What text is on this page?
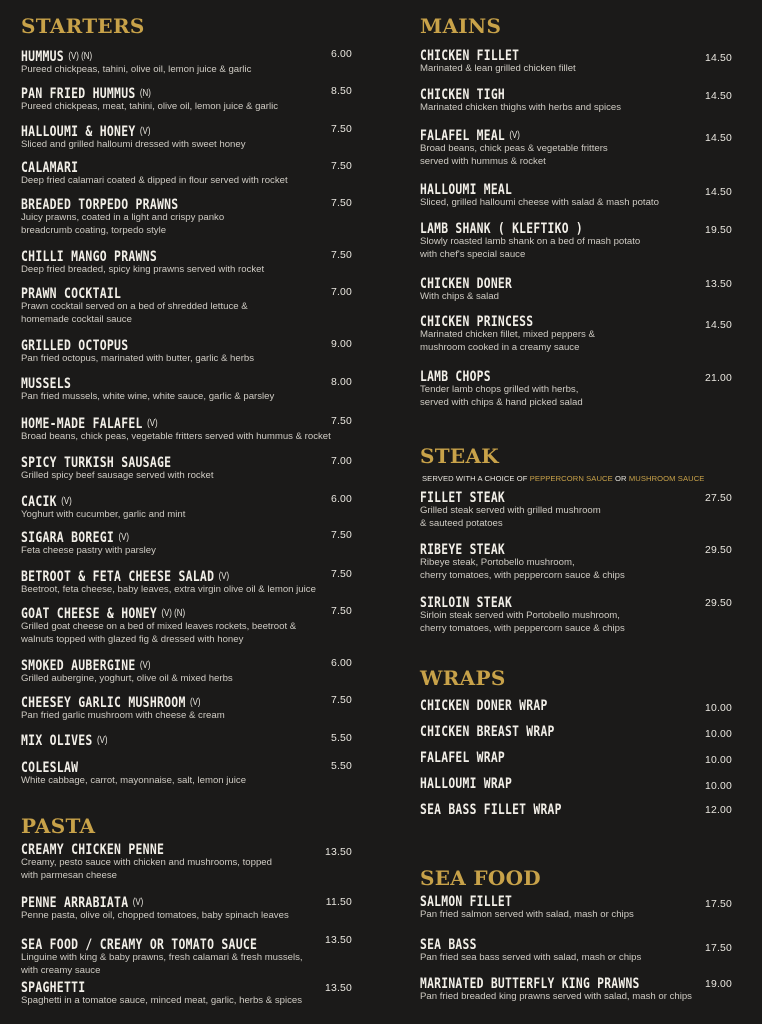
STARTERS
HUMMUS (V) (N)
Pureed chickpeas, tahini, olive oil, lemon juice & garlic
6.00
PAN FRIED HUMMUS (N)
Pureed chickpeas, meat, tahini, olive oil, lemon juice & garlic
8.50
HALLOUMI & HONEY (V)
Sliced and grilled halloumi dressed with sweet honey
7.50
CALAMARI
Deep fried calamari coated & dipped in flour served with rocket
7.50
BREADED TORPEDO PRAWNS
Juicy prawns, coated in a light and crispy panko
breadcrumb coating, torpedo style
7.50
CHILLI MANGO PRAWNS
Deep fried breaded, spicy king prawns served with rocket
7.50
PRAWN COCKTAIL
Prawn cocktail served on a bed of shredded lettuce &
homemade cocktail sauce
7.00
GRILLED OCTOPUS
Pan fried octopus, marinated with butter, garlic & herbs
9.00
MUSSELS
Pan fried mussels, white wine, white sauce, garlic & parsley
8.00
HOME-MADE FALAFEL (V)
Broad beans, chick peas, vegetable fritters served with hummus & rocket
7.50
SPICY TURKISH SAUSAGE
Grilled spicy beef sausage served with rocket
7.00
CACIK (V)
Yoghurt with cucumber, garlic and mint
6.00
SIGARA BOREGI (V)
Feta cheese pastry with parsley
7.50
BETROOT & FETA CHEESE SALAD (V)
Beetroot, feta cheese, baby leaves, extra virgin olive oil & lemon juice
7.50
GOAT CHEESE & HONEY (V) (N)
Grilled goat cheese on a bed of mixed leaves rockets, beetroot &
walnuts topped with glazed fig & dressed with honey
7.50
SMOKED AUBERGINE (V)
Grilled aubergine, yoghurt, olive oil & mixed herbs
6.00
CHEESEY GARLIC MUSHROOM (V)
Pan fried garlic mushroom with cheese & cream
7.50
MIX OLIVES (V)	5.50
COLESLAW
White cabbage, carrot, mayonnaise, salt, lemon juice
5.50
PASTA
CREAMY CHICKEN PENNE
Creamy, pesto sauce with chicken and mushrooms, topped
with parmesan cheese
13.50
PENNE ARRABIATA (V)
Penne pasta, olive oil, chopped tomatoes, baby spinach leaves
11.50
SEA FOOD / CREAMY OR TOMATO SAUCE
Linguine with king & baby prawns, fresh calamari & fresh mussels,
with creamy sauce
13.50
SPAGHETTI
Spaghetti in a tomatoe sauce, minced meat, garlic, herbs & spices
13.50
MAINS
CHICKEN FILLET
Marinated & lean grilled chicken fillet
14.50
CHICKEN TIGH
Marinated chicken thighs with herbs and spices
14.50
FALAFEL MEAL (V)
Broad beans, chick peas & vegetable fritters
served with hummus & rocket
14.50
HALLOUMI MEAL
Sliced, grilled halloumi cheese with salad & mash potato
14.50
LAMB SHANK ( KLEFTIKO )
Slowly roasted lamb shank on a bed of mash potato
with chef's special sauce
19.50
CHICKEN DONER
With chips & salad
13.50
CHICKEN PRINCESS
Marinated chicken fillet, mixed peppers &
mushroom cooked in a creamy sauce
14.50
LAMB CHOPS
Tender lamb chops grilled with herbs,
served with chips & hand picked salad
21.00
STEAK
SERVED WITH A CHOICE OF PEPPERCORN SAUCE OR MUSHROOM SAUCE
FILLET STEAK
Grilled steak served with grilled mushroom
& sauteed potatoes
27.50
RIBEYE STEAK
Ribeye steak, Portobello mushroom,
cherry tomatoes, with peppercorn sauce & chips
29.50
SIRLOIN STEAK
Sirloin steak served with Portobello mushroom,
cherry tomatoes, with peppercorn sauce & chips
29.50
WRAPS
CHICKEN DONER WRAP	10.00
CHICKEN BREAST WRAP	10.00
FALAFEL WRAP	10.00
HALLOUMI WRAP	10.00
SEA BASS FILLET WRAP	12.00
SEA FOOD
SALMON FILLET
Pan fried salmon served with salad, mash or chips
17.50
SEA BASS
Pan fried sea bass served with salad, mash or chips
17.50
MARINATED BUTTERFLY KING PRAWNS
Pan fried breaded king prawns served with salad, mash or chips
19.00
